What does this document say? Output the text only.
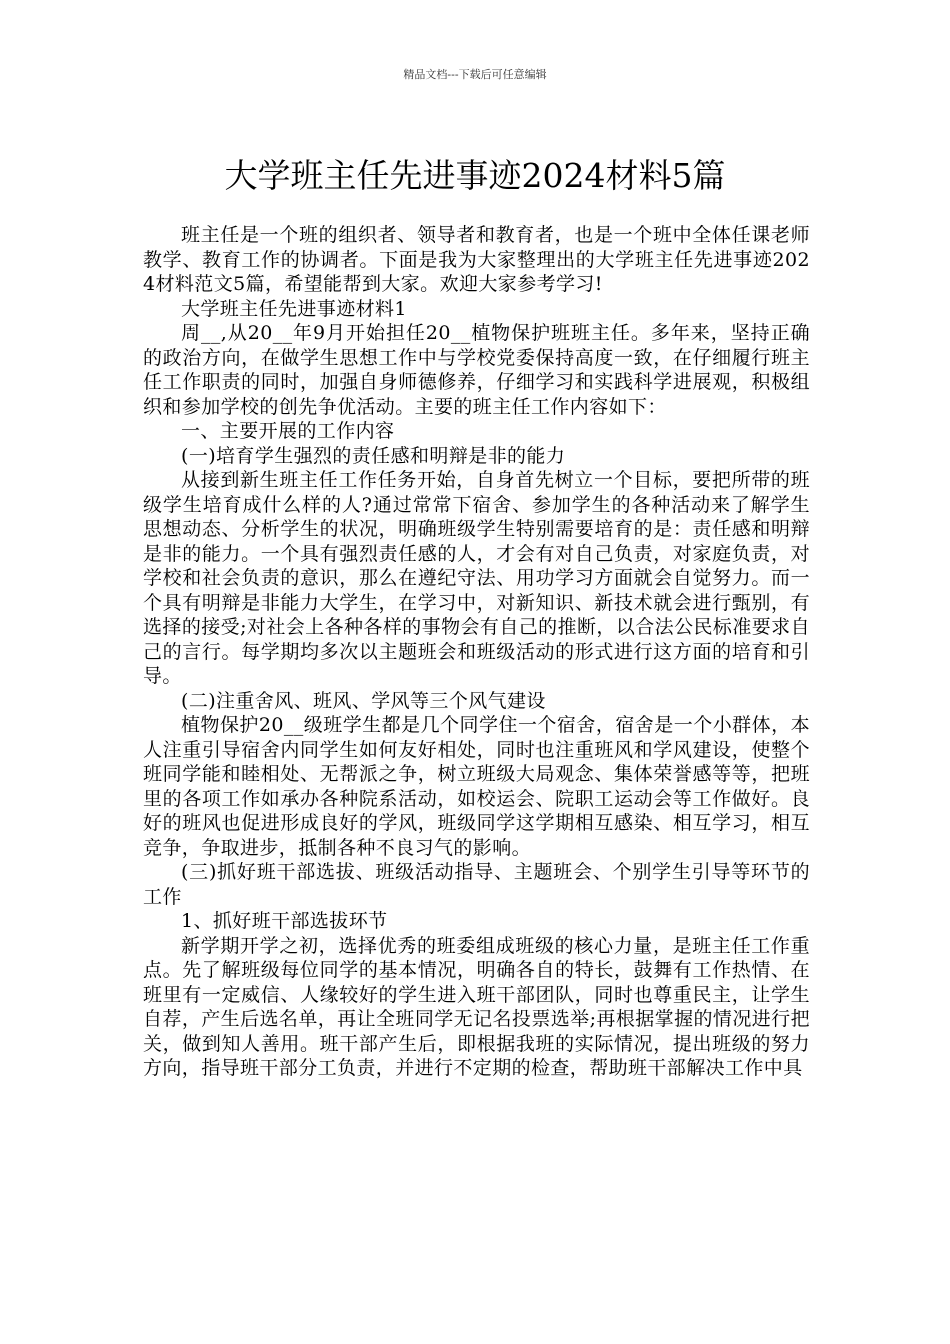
精品文档---下载后可任意编辑
大学班主任先进事迹2024材料5篇

班主任是一个班的组织者、领导者和教育者，也是一个班中全体任课老师教学、教育工作的协调者。下面是我为大家整理出的大学班主任先进事迹2024材料范文5篇，希望能帮到大家。欢迎大家参考学习!

大学班主任先进事迹材料1

周__,从20__年9月开始担任20__植物保护班班主任。多年来，坚持正确的政治方向，在做学生思想工作中与学校党委保持高度一致，在仔细履行班主任工作职责的同时，加强自身师德修养，仔细学习和实践科学进展观，积极组织和参加学校的创先争优活动。主要的班主任工作内容如下：

一、主要开展的工作内容

(一)培育学生强烈的责任感和明辩是非的能力

从接到新生班主任工作任务开始，自身首先树立一个目标，要把所带的班级学生培育成什么样的人?通过常常下宿舍、参加学生的各种活动来了解学生思想动态、分析学生的状况，明确班级学生特别需要培育的是：责任感和明辩是非的能力。一个具有强烈责任感的人，才会有对自己负责，对家庭负责，对学校和社会负责的意识，那么在遵纪守法、用功学习方面就会自觉努力。而一个具有明辩是非能力大学生，在学习中，对新知识、新技术就会进行甄别，有选择的接受;对社会上各种各样的事物会有自己的推断，以合法公民标准要求自己的言行。每学期均多次以主题班会和班级活动的形式进行这方面的培育和引导。

(二)注重舍风、班风、学风等三个风气建设

植物保护20__级班学生都是几个同学住一个宿舍，宿舍是一个小群体，本人注重引导宿舍内同学生如何友好相处，同时也注重班风和学风建设，使整个班同学能和睦相处、无帮派之争，树立班级大局观念、集体荣誉感等等，把班里的各项工作如承办各种院系活动，如校运会、院职工运动会等工作做好。良好的班风也促进形成良好的学风，班级同学这学期相互感染、相互学习，相互竞争，争取进步，抵制各种不良习气的影响。

(三)抓好班干部选拔、班级活动指导、主题班会、个别学生引导等环节的工作

1、抓好班干部选拔环节

新学期开学之初，选择优秀的班委组成班级的核心力量，是班主任工作重点。先了解班级每位同学的基本情况，明确各自的特长，鼓舞有工作热情、在班里有一定威信、人缘较好的学生进入班干部团队，同时也尊重民主，让学生自荐，产生后选名单，再让全班同学无记名投票选举;再根据掌握的情况进行把关，做到知人善用。班干部产生后，即根据我班的实际情况，提出班级的努力方向，指导班干部分工负责，并进行不定期的检查，帮助班干部解决工作中具
